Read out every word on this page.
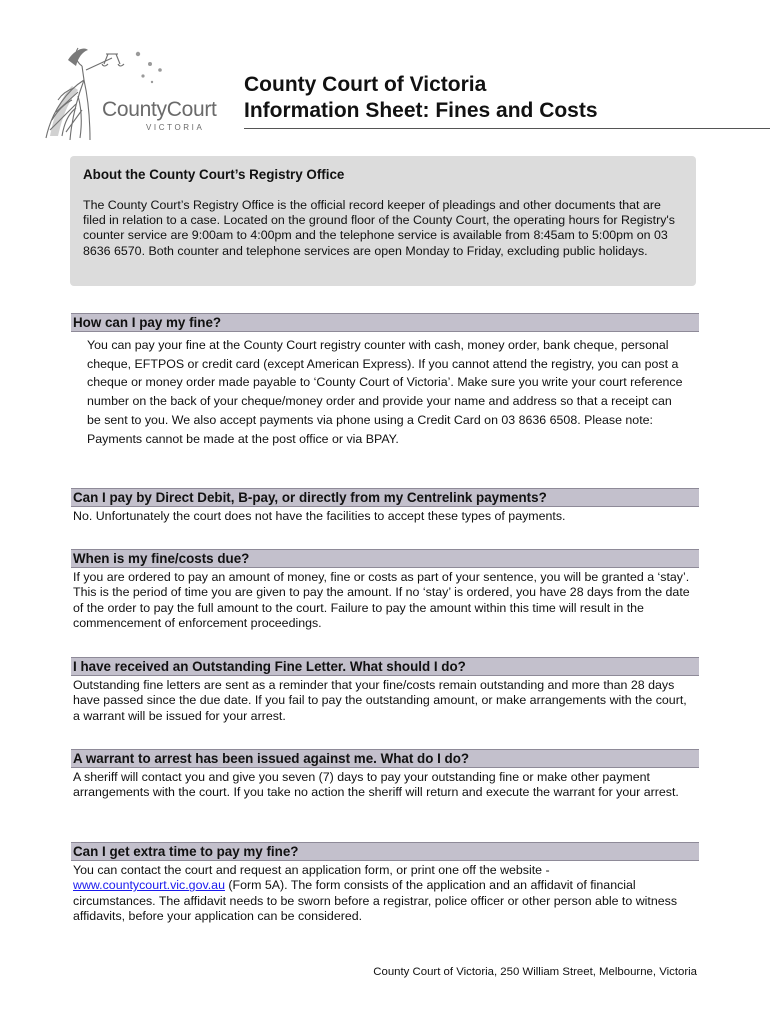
CountyCourt
VICTORIA
County Court of Victoria
Information Sheet: Fines and Costs
About the County Court’s Registry Office

The County Court’s Registry Office is the official record keeper of pleadings and other documents that are filed in relation to a case. Located on the ground floor of the County Court, the operating hours for Registry's counter service are 9:00am to 4:00pm and the telephone service is available from 8:45am to 5:00pm on 03 8636 6570. Both counter and telephone services are open Monday to Friday, excluding public holidays.

How can I pay my fine?
You can pay your fine at the County Court registry counter with cash, money order, bank cheque, personal cheque, EFTPOS or credit card (except American Express). If you cannot attend the registry, you can post a cheque or money order made payable to ‘County Court of Victoria’. Make sure you write your court reference number on the back of your cheque/money order and provide your name and address so that a receipt can be sent to you. We also accept payments via phone using a Credit Card on 03 8636 6508. Please note: Payments cannot be made at the post office or via BPAY.
Can I pay by Direct Debit, B-pay, or directly from my Centrelink payments?
No. Unfortunately the court does not have the facilities to accept these types of payments.
When is my fine/costs due?
If you are ordered to pay an amount of money, fine or costs as part of your sentence, you will be granted a ‘stay’. This is the period of time you are given to pay the amount. If no ‘stay’ is ordered, you have 28 days from the date of the order to pay the full amount to the court. Failure to pay the amount within this time will result in the commencement of enforcement proceedings.
I have received an Outstanding Fine Letter. What should I do?
Outstanding fine letters are sent as a reminder that your fine/costs remain outstanding and more than 28 days have passed since the due date. If you fail to pay the outstanding amount, or make arrangements with the court, a warrant will be issued for your arrest.
A warrant to arrest has been issued against me. What do I do?
A sheriff will contact you and give you seven (7) days to pay your outstanding fine or make other payment arrangements with the court. If you take no action the sheriff will return and execute the warrant for your arrest.
Can I get extra time to pay my fine?
You can contact the court and request an application form, or print one off the website - www.countycourt.vic.gov.au (Form 5A). The form consists of the application and an affidavit of financial circumstances. The affidavit needs to be sworn before a registrar, police officer or other person able to witness affidavits, before your application can be considered.
County Court of Victoria, 250 William Street, Melbourne, Victoria
